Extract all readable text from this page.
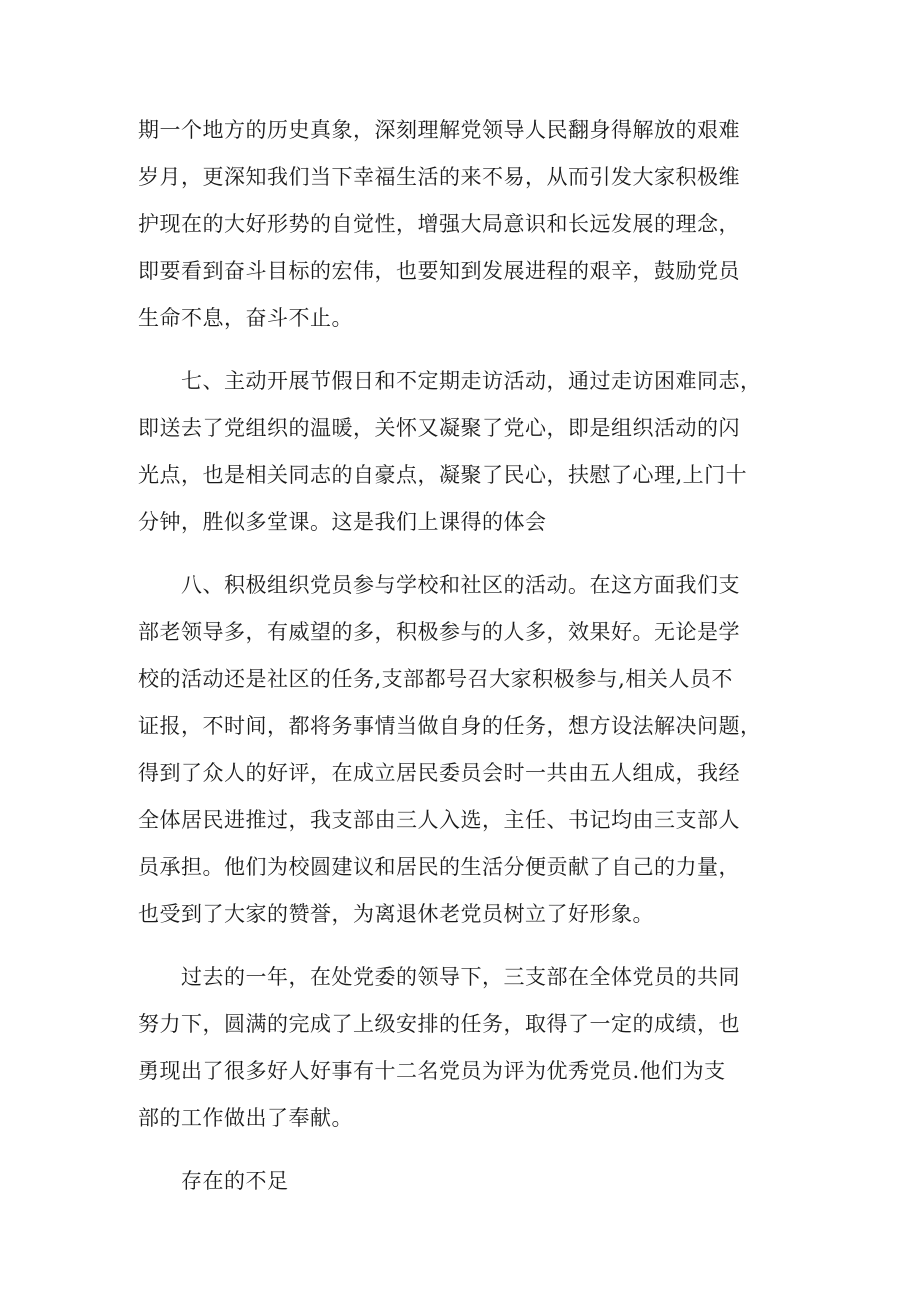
期一个地方的历史真象，深刻理解党领导人民翻身得解放的艰难
岁月，更深知我们当下幸福生活的来不易，从而引发大家积极维
护现在的大好形势的自觉性，增强大局意识和长远发展的理念，
即要看到奋斗目标的宏伟，也要知到发展进程的艰辛，鼓励党员
生命不息，奋斗不止。
　　七、主动开展节假日和不定期走访活动，通过走访困难同志，
即送去了党组织的温暖，关怀又凝聚了党心，即是组织活动的闪
光点，也是相关同志的自豪点，凝聚了民心，扶慰了心理,上门十
分钟，胜似多堂课。这是我们上课得的体会
　　八、积极组织党员参与学校和社区的活动。在这方面我们支
部老领导多，有威望的多，积极参与的人多，效果好。无论是学
校的活动还是社区的任务,支部都号召大家积极参与,相关人员不
证报，不时间，都将务事情当做自身的任务，想方设法解决问题，
得到了众人的好评，在成立居民委员会时一共由五人组成，我经
全体居民进推过，我支部由三人入选，主任、书记均由三支部人
员承担。他们为校圆建议和居民的生活分便贡献了自己的力量，
也受到了大家的赞誉，为离退休老党员树立了好形象。
　　过去的一年，在处党委的领导下，三支部在全体党员的共同
努力下，圆满的完成了上级安排的任务，取得了一定的成绩，也
勇现出了很多好人好事有十二名党员为评为优秀党员.他们为支
部的工作做出了奉献。
　　存在的不足
